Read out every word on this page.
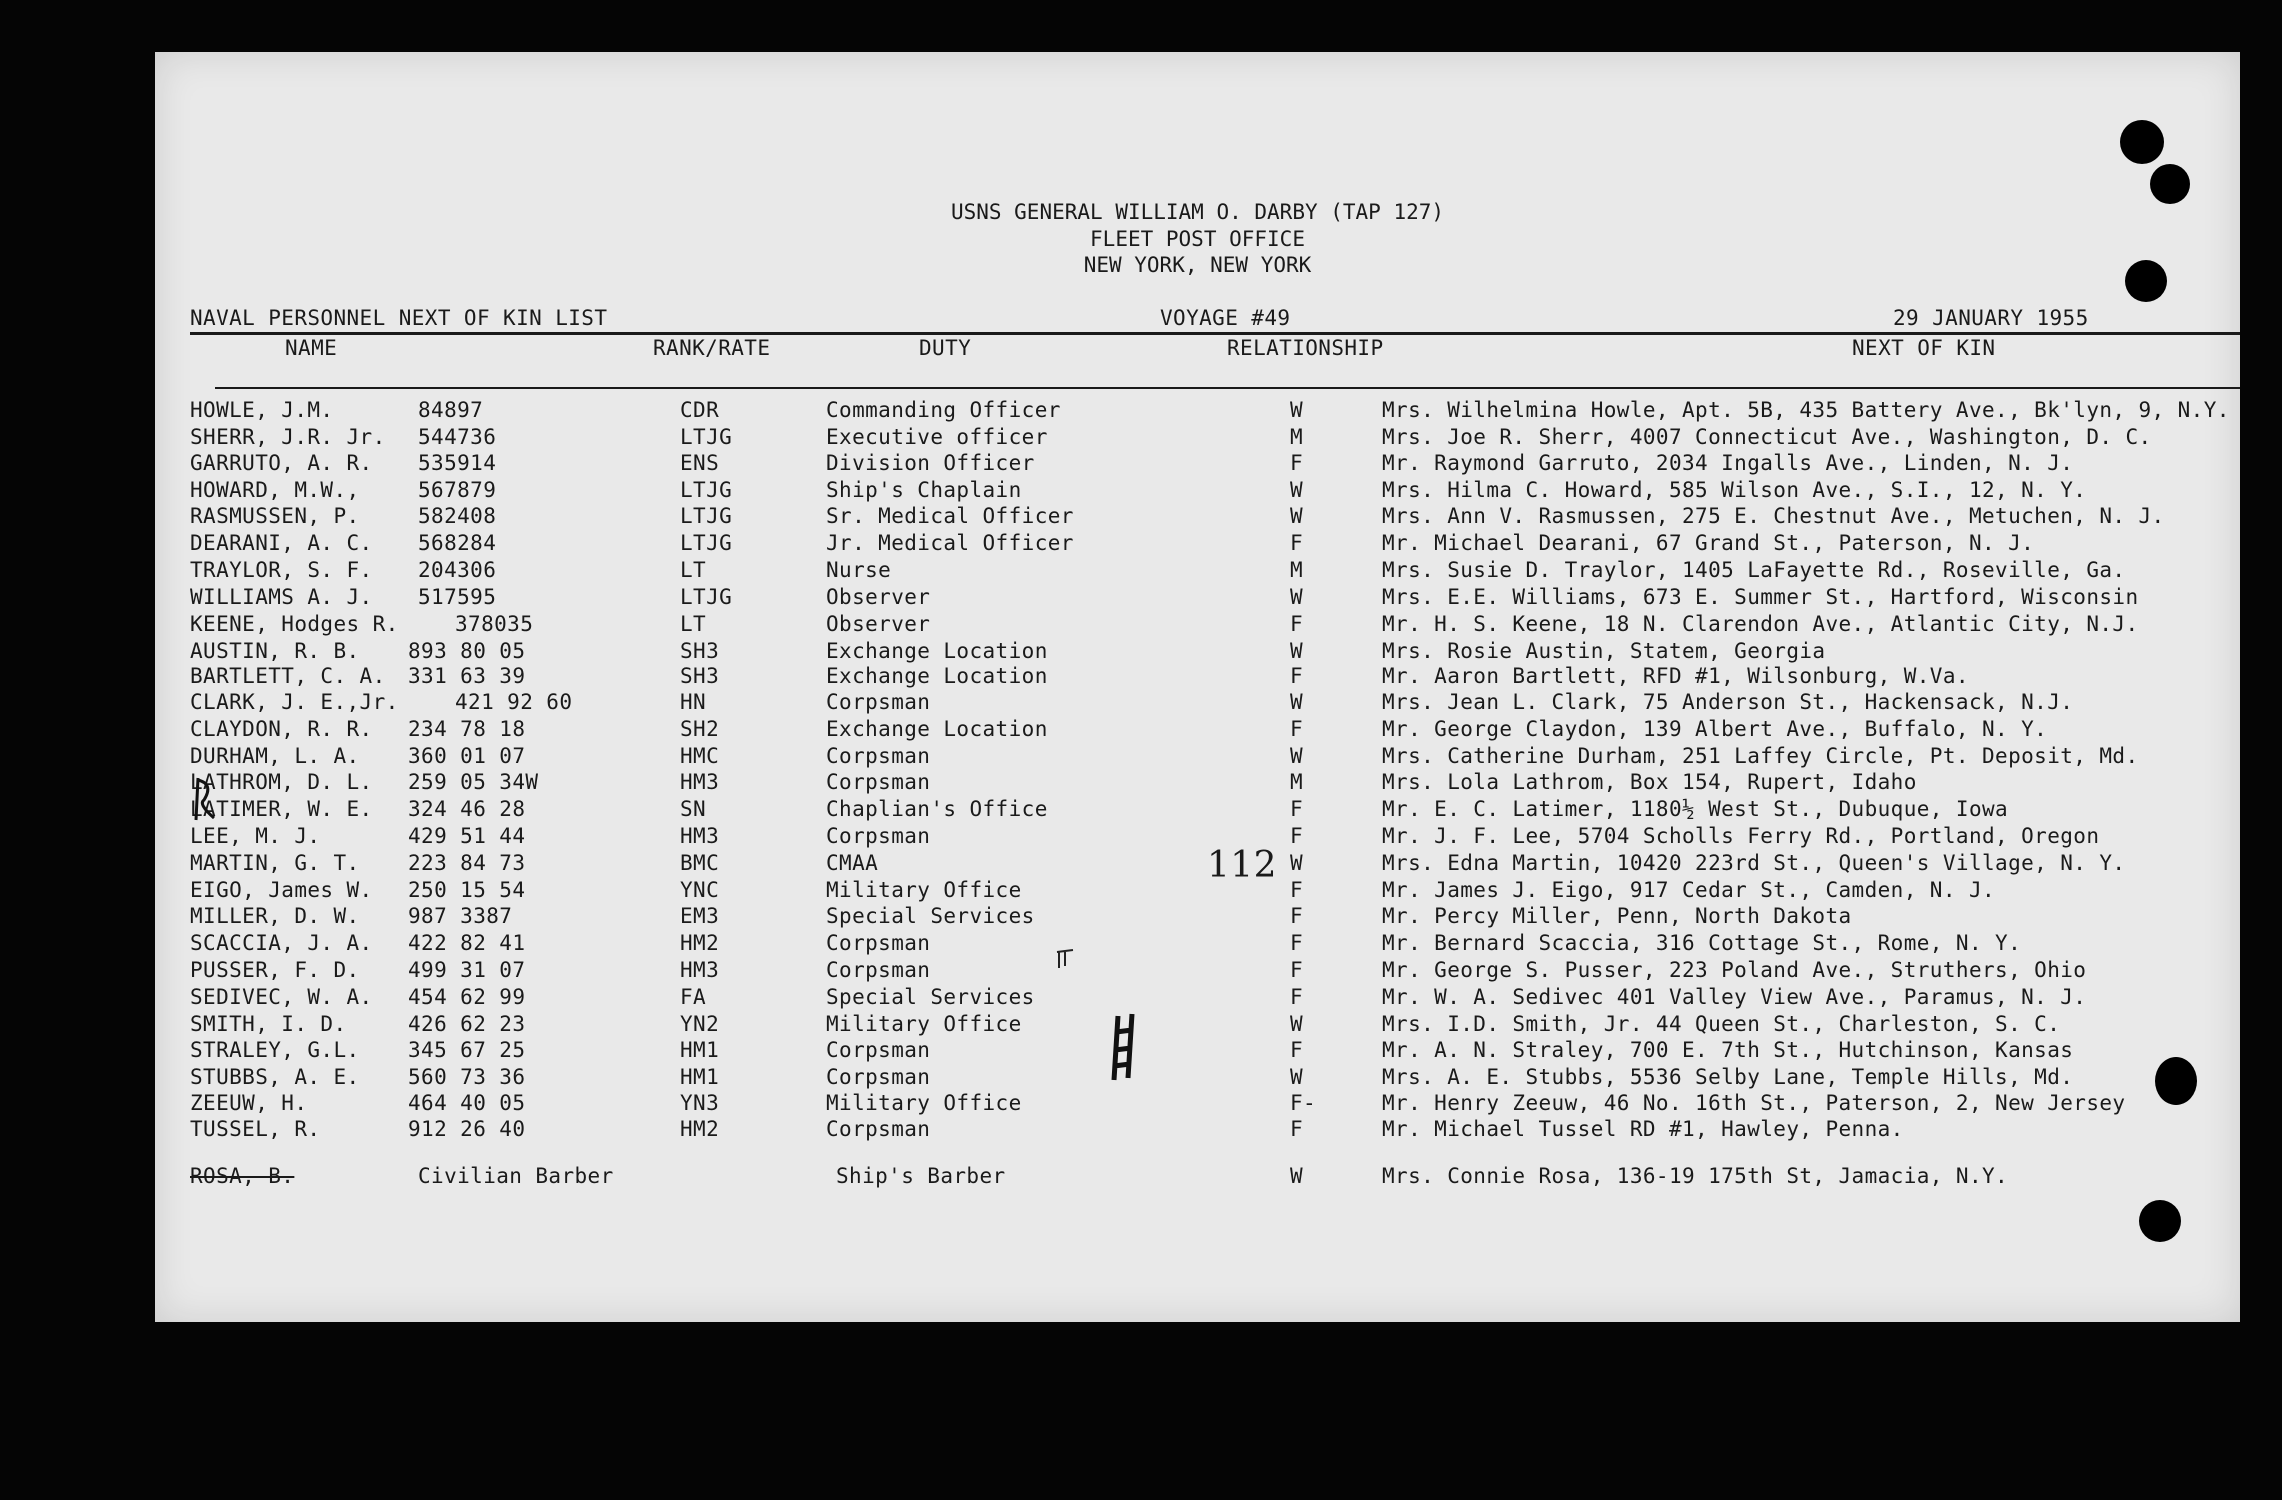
USNS GENERAL WILLIAM O. DARBY (TAP 127)
FLEET POST OFFICE
NEW YORK, NEW YORK
NAVAL PERSONNEL NEXT OF KIN LIST	VOYAGE #49	29 JANUARY 1955
NAME	RANK/RATE	DUTY	RELATIONSHIP	NEXT OF KIN
HOWLE, J.M.	84897	CDR	Commanding Officer	W	Mrs. Wilhelmina Howle, Apt. 5B, 435 Battery Ave., Bk'lyn, 9, N.Y.
SHERR, J.R. Jr. 544736	LTJG	Executive officer	M	Mrs. Joe R. Sherr, 4007 Connecticut Ave., Washington, D. C.
GARRUTO, A. R. 535914	ENS	Division Officer	F	Mr. Raymond Garruto, 2034 Ingalls Ave., Linden, N. J.
HOWARD, M.W.,	567879	LTJG	Ship's Chaplain	W	Mrs. Hilma C. Howard, 585 Wilson Ave., S.I., 12, N. Y.
RASMUSSEN, P.	582408	LTJG	Sr. Medical Officer	W	Mrs. Ann V. Rasmussen, 275 E. Chestnut Ave., Metuchen, N. J.
DEARANI, A. C. 568284	LTJG	Jr. Medical Officer	F	Mr. Michael Dearani, 67 Grand St., Paterson, N. J.
TRAYLOR, S. F. 204306	LT	Nurse	M	Mrs. Susie D. Traylor, 1405 LaFayette Rd., Roseville, Ga.
WILLIAMS A. J. 517595	LTJG	Observer	W	Mrs. E.E. Williams, 673 E. Summer St., Hartford, Wisconsin
KEENE, Hodges R.	378035	LT	Observer	F	Mr. H. S. Keene, 18 N. Clarendon Ave., Atlantic City, N.J.
AUSTIN, R. B. 893 80 05	SH3	Exchange Location	W	Mrs. Rosie Austin, Statem, Georgia
BARTLETT, C. A. 331 63 39	SH3	Exchange Location	F	Mr. Aaron Bartlett, RFD #1, Wilsonburg, W.Va.
CLARK, J. E.,Jr.	421 92 60	HN	Corpsman	W	Mrs. Jean L. Clark, 75 Anderson St., Hackensack, N.J.
CLAYDON, R. R. 234 78 18	SH2	Exchange Location	F	Mr. George Claydon, 139 Albert Ave., Buffalo, N. Y.
DURHAM, L. A. 360 01 07	HMC	Corpsman	W	Mrs. Catherine Durham, 251 Laffey Circle, Pt. Deposit, Md.
LATHROM, D. L. 259 05 34W	HM3	Corpsman	M	Mrs. Lola Lathrom, Box 154, Rupert, Idaho
LATIMER, W. E. 324 46 28	SN	Chaplian's Office	F	Mr. E. C. Latimer, 1180½ West St., Dubuque, Iowa
LEE, M. J.	429 51 44	HM3	Corpsman	F	Mr. J. F. Lee, 5704 Scholls Ferry Rd., Portland, Oregon
MARTIN, G. T. 223 84 73	BMC	CMAA	W	Mrs. Edna Martin, 10420 223rd St., Queen's Village, N. Y.
EIGO, James W. 250 15 54	YNC	Military Office	F	Mr. James J. Eigo, 917 Cedar St., Camden, N. J.
MILLER, D. W. 987 3387	EM3	Special Services	F	Mr. Percy Miller, Penn, North Dakota
SCACCIA, J. A. 422 82 41	HM2	Corpsman	F	Mr. Bernard Scaccia, 316 Cottage St., Rome, N. Y.
PUSSER, F. D. 499 31 07	HM3	Corpsman	F	Mr. George S. Pusser, 223 Poland Ave., Struthers, Ohio
SEDIVEC, W. A. 454 62 99	FA	Special Services	F	Mr. W. A. Sedivec 401 Valley View Ave., Paramus, N. J.
SMITH, I. D.	426 62 23	YN2	Military Office	W	Mrs. I.D. Smith, Jr. 44 Queen St., Charleston, S. C.
STRALEY, G.L. 345 67 25	HM1	Corpsman	F	Mr. A. N. Straley, 700 E. 7th St., Hutchinson, Kansas
STUBBS, A. E. 560 73 36	HM1	Corpsman	W	Mrs. A. E. Stubbs, 5536 Selby Lane, Temple Hills, Md.
ZEEUW, H.	464 40 05	YN3	Military Office	F-	Mr. Henry Zeeuw, 46 No. 16th St., Paterson, 2, New Jersey
TUSSEL, R.	912 26 40	HM2	Corpsman	F	Mr. Michael Tussel RD #1, Hawley, Penna.
ROSA, B.	Civilian Barber	Ship's Barber	W	Mrs. Connie Rosa, 136-19 175th St, Jamacia, N.Y.
112
